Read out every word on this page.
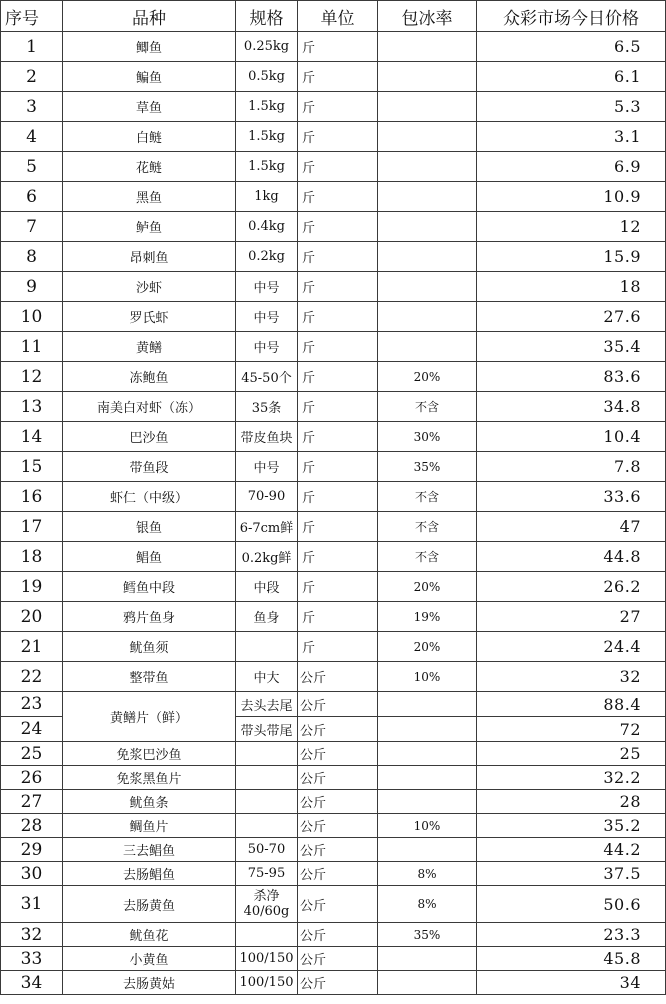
序号	品种	规格	单位	包冰率	众彩市场今日价格
1	鲫鱼	0.25kg	斤		6.5
2	鳊鱼	0.5kg	斤		6.1
3	草鱼	1.5kg	斤		5.3
4	白鲢	1.5kg	斤		3.1
5	花鲢	1.5kg	斤		6.9
6	黑鱼	1kg	斤		10.9
7	鲈鱼	0.4kg	斤		12
8	昂刺鱼	0.2kg	斤		15.9
9	沙虾	中号	斤		18
10	罗氏虾	中号	斤		27.6
11	黄鳝	中号	斤		35.4
12	冻鲍鱼	45-50个	斤	20%	83.6
13	南美白对虾（冻）	35条	斤	不含	34.8
14	巴沙鱼	带皮鱼块	斤	30%	10.4
15	带鱼段	中号	斤	35%	7.8
16	虾仁（中级）	70-90	斤	不含	33.6
17	银鱼	6-7cm鲜	斤	不含	47
18	鲳鱼	0.2kg鲜	斤	不含	44.8
19	鳕鱼中段	中段	斤	20%	26.2
20	鸦片鱼身	鱼身	斤	19%	27
21	鱿鱼须		斤	20%	24.4
22	整带鱼	中大	公斤	10%	32
23	黄鳝片（鲜）	去头去尾	公斤		88.4
24		带头带尾	公斤		72
25	免浆巴沙鱼		公斤		25
26	免浆黑鱼片		公斤		32.2
27	鱿鱼条		公斤		28
28	鲷鱼片		公斤	10%	35.2
29	三去鲳鱼	50-70	公斤		44.2
30	去肠鲳鱼	75-95	公斤	8%	37.5
31	去肠黄鱼	杀净40/60g	公斤	8%	50.6
32	鱿鱼花		公斤	35%	23.3
33	小黄鱼	100/150	公斤		45.8
34	去肠黄姑	100/150	公斤		34
